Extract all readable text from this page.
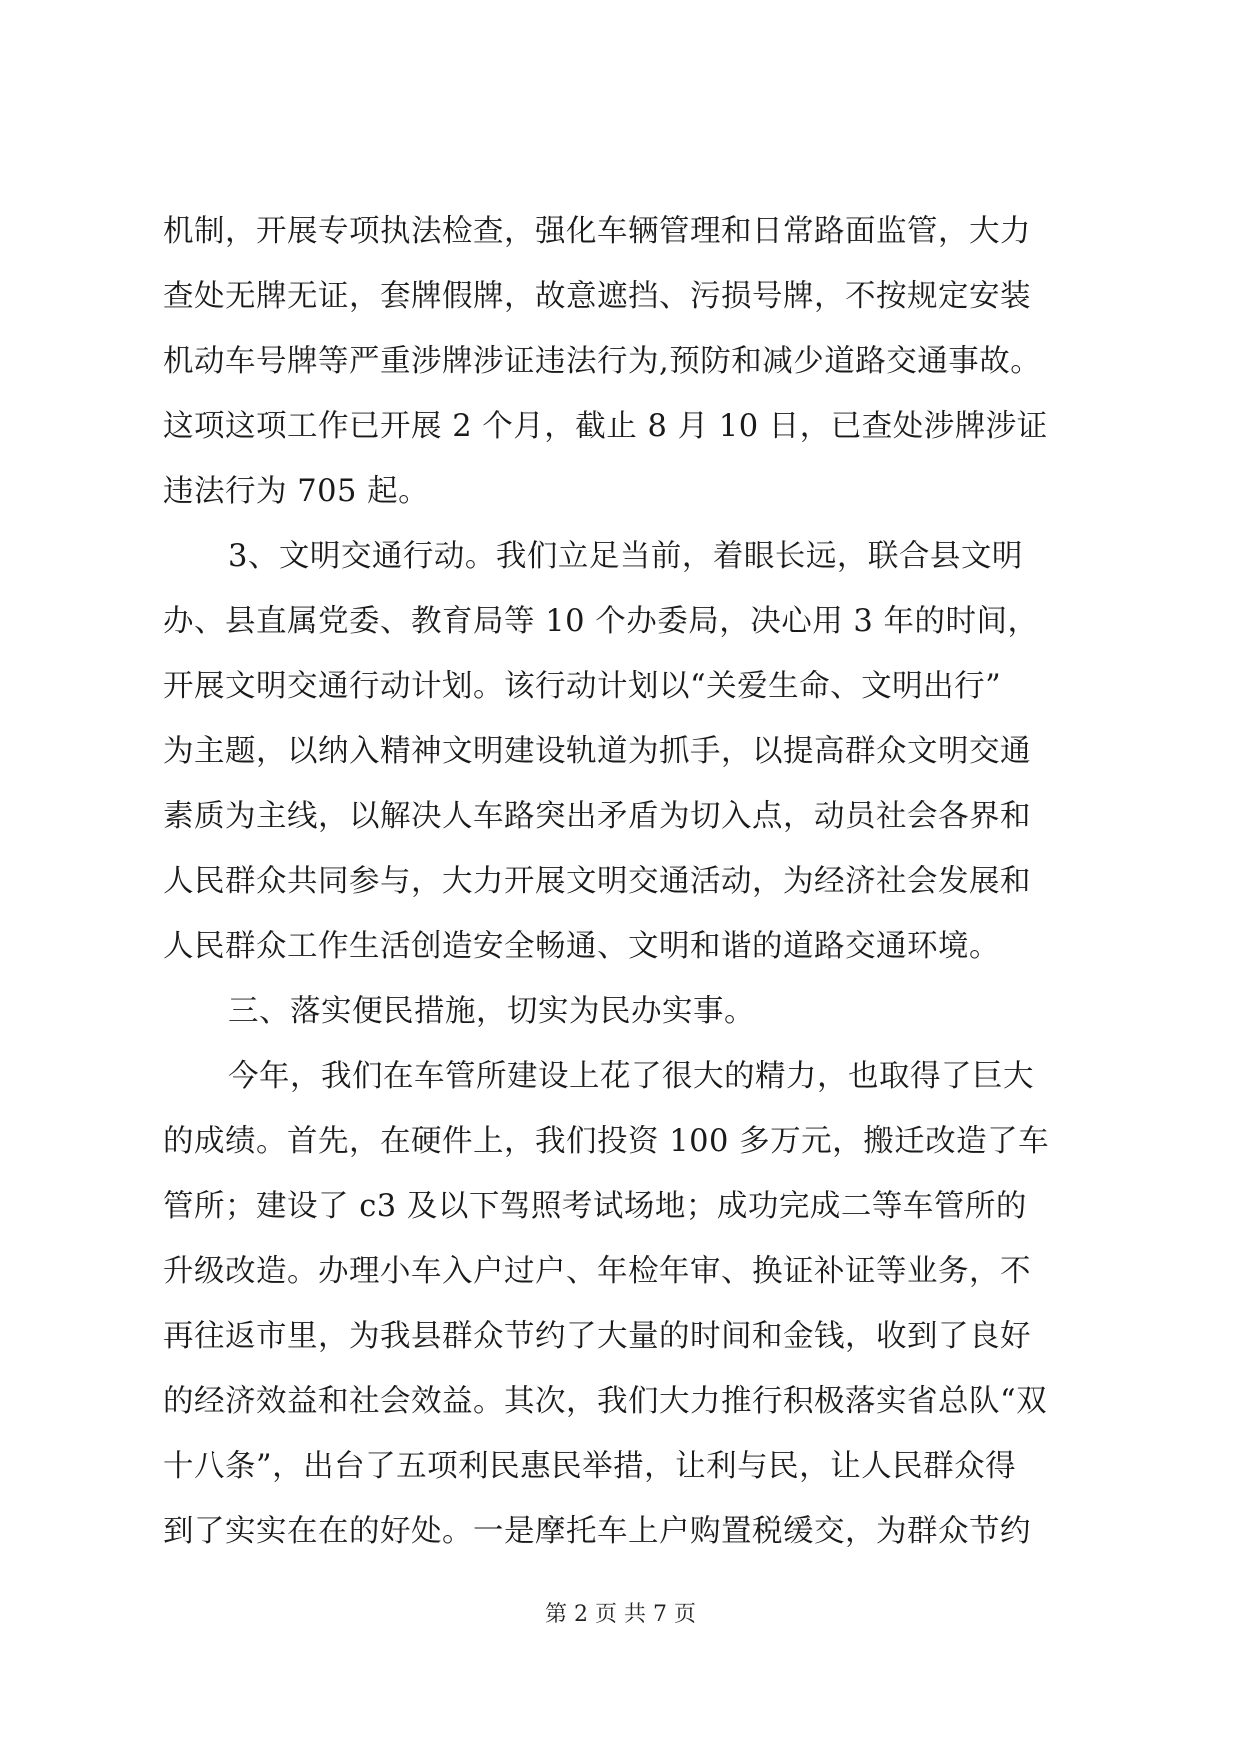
机制，开展专项执法检查，强化车辆管理和日常路面监管，大力
查处无牌无证，套牌假牌，故意遮挡、污损号牌，不按规定安装
机动车号牌等严重涉牌涉证违法行为,预防和减少道路交通事故。
这项这项工作已开展 2 个月，截止 8 月 10 日，已查处涉牌涉证
违法行为 705 起。
3、文明交通行动。我们立足当前，着眼长远，联合县文明
办、县直属党委、教育局等 10 个办委局，决心用 3 年的时间，
开展文明交通行动计划。该行动计划以“关爱生命、文明出行”
为主题，以纳入精神文明建设轨道为抓手，以提高群众文明交通
素质为主线，以解决人车路突出矛盾为切入点，动员社会各界和
人民群众共同参与，大力开展文明交通活动，为经济社会发展和
人民群众工作生活创造安全畅通、文明和谐的道路交通环境。
三、落实便民措施，切实为民办实事。
今年，我们在车管所建设上花了很大的精力，也取得了巨大
的成绩。首先，在硬件上，我们投资 100 多万元，搬迁改造了车
管所；建设了 c3 及以下驾照考试场地；成功完成二等车管所的
升级改造。办理小车入户过户、年检年审、换证补证等业务，不
再往返市里，为我县群众节约了大量的时间和金钱，收到了良好
的经济效益和社会效益。其次，我们大力推行积极落实省总队“双
十八条”，出台了五项利民惠民举措，让利与民，让人民群众得
到了实实在在的好处。一是摩托车上户购置税缓交，为群众节约
第 2 页 共 7 页
